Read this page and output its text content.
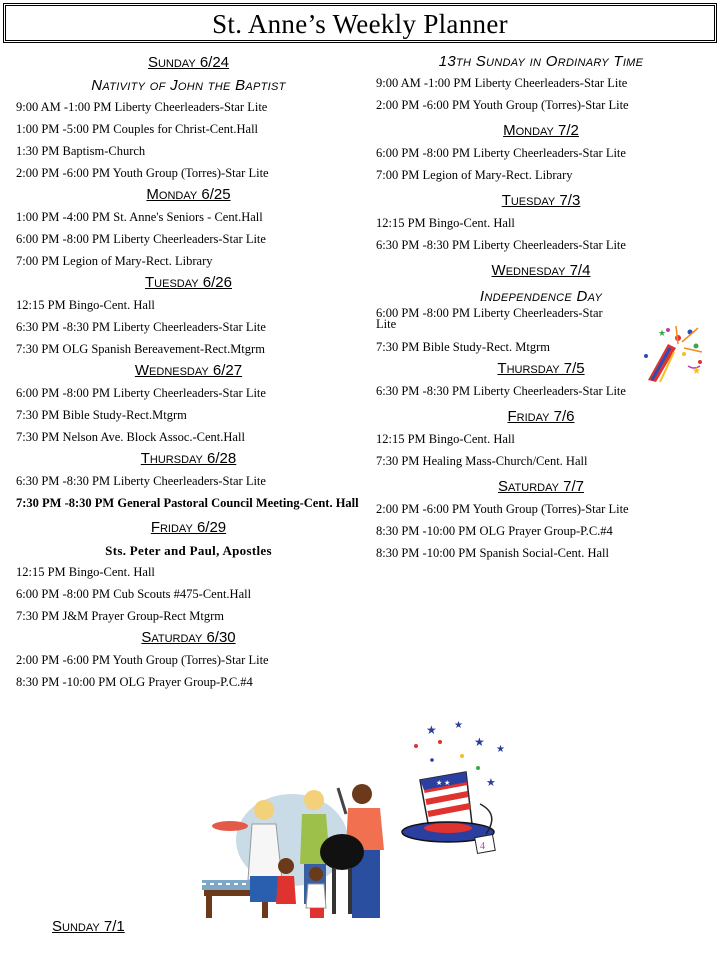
St. Anne’s Weekly Planner
Sunday 6/24
Nativity of John the Baptist
9:00 AM -1:00 PM Liberty Cheerleaders-Star Lite
1:00 PM -5:00 PM Couples for Christ-Cent.Hall
1:30 PM Baptism-Church
2:00 PM -6:00 PM Youth Group (Torres)-Star Lite
Monday 6/25
1:00 PM -4:00 PM St. Anne's Seniors - Cent.Hall
6:00 PM -8:00 PM Liberty Cheerleaders-Star Lite
7:00 PM Legion of Mary-Rect. Library
Tuesday 6/26
12:15 PM Bingo-Cent. Hall
6:30 PM -8:30 PM Liberty Cheerleaders-Star Lite
7:30 PM OLG Spanish Bereavement-Rect.Mtgrm
Wednesday 6/27
6:00 PM -8:00 PM Liberty Cheerleaders-Star Lite
7:30 PM Bible Study-Rect.Mtgrm
7:30 PM Nelson Ave. Block Assoc.-Cent.Hall
Thursday 6/28
6:30 PM -8:30 PM Liberty Cheerleaders-Star Lite
7:30 PM -8:30 PM General Pastoral Council Meeting-Cent. Hall
Friday 6/29
Sts. Peter and Paul, Apostles
12:15 PM Bingo-Cent. Hall
6:00 PM -8:00 PM Cub Scouts #475-Cent.Hall
7:30 PM J&M Prayer Group-Rect Mtgrm
Saturday 6/30
2:00 PM -6:00 PM Youth Group (Torres)-Star Lite
8:30 PM -10:00 PM OLG Prayer Group-P.C.#4
13th Sunday in Ordinary Time
9:00 AM -1:00 PM Liberty Cheerleaders-Star Lite
2:00 PM -6:00 PM Youth Group (Torres)-Star Lite
Monday 7/2
6:00 PM -8:00 PM Liberty Cheerleaders-Star Lite
7:00 PM Legion of Mary-Rect. Library
Tuesday 7/3
12:15 PM Bingo-Cent. Hall
6:30 PM -8:30 PM Liberty Cheerleaders-Star Lite
Wednesday 7/4
Independence Day
6:00 PM -8:00 PM Liberty Cheerleaders-Star Lite
7:30 PM Bible Study-Rect. Mtgrm
Thursday 7/5
6:30 PM -8:30 PM Liberty Cheerleaders-Star Lite
Friday 7/6
12:15 PM Bingo-Cent. Hall
7:30 PM Healing Mass-Church/Cent. Hall
Saturday 7/7
2:00 PM -6:00 PM Youth Group (Torres)-Star Lite
8:30 PM -10:00 PM OLG Prayer Group-P.C.#4
8:30 PM -10:00 PM Spanish Social-Cent. Hall
★
★
★ ★
★
★
★
★ ★
4
Sunday 7/1
